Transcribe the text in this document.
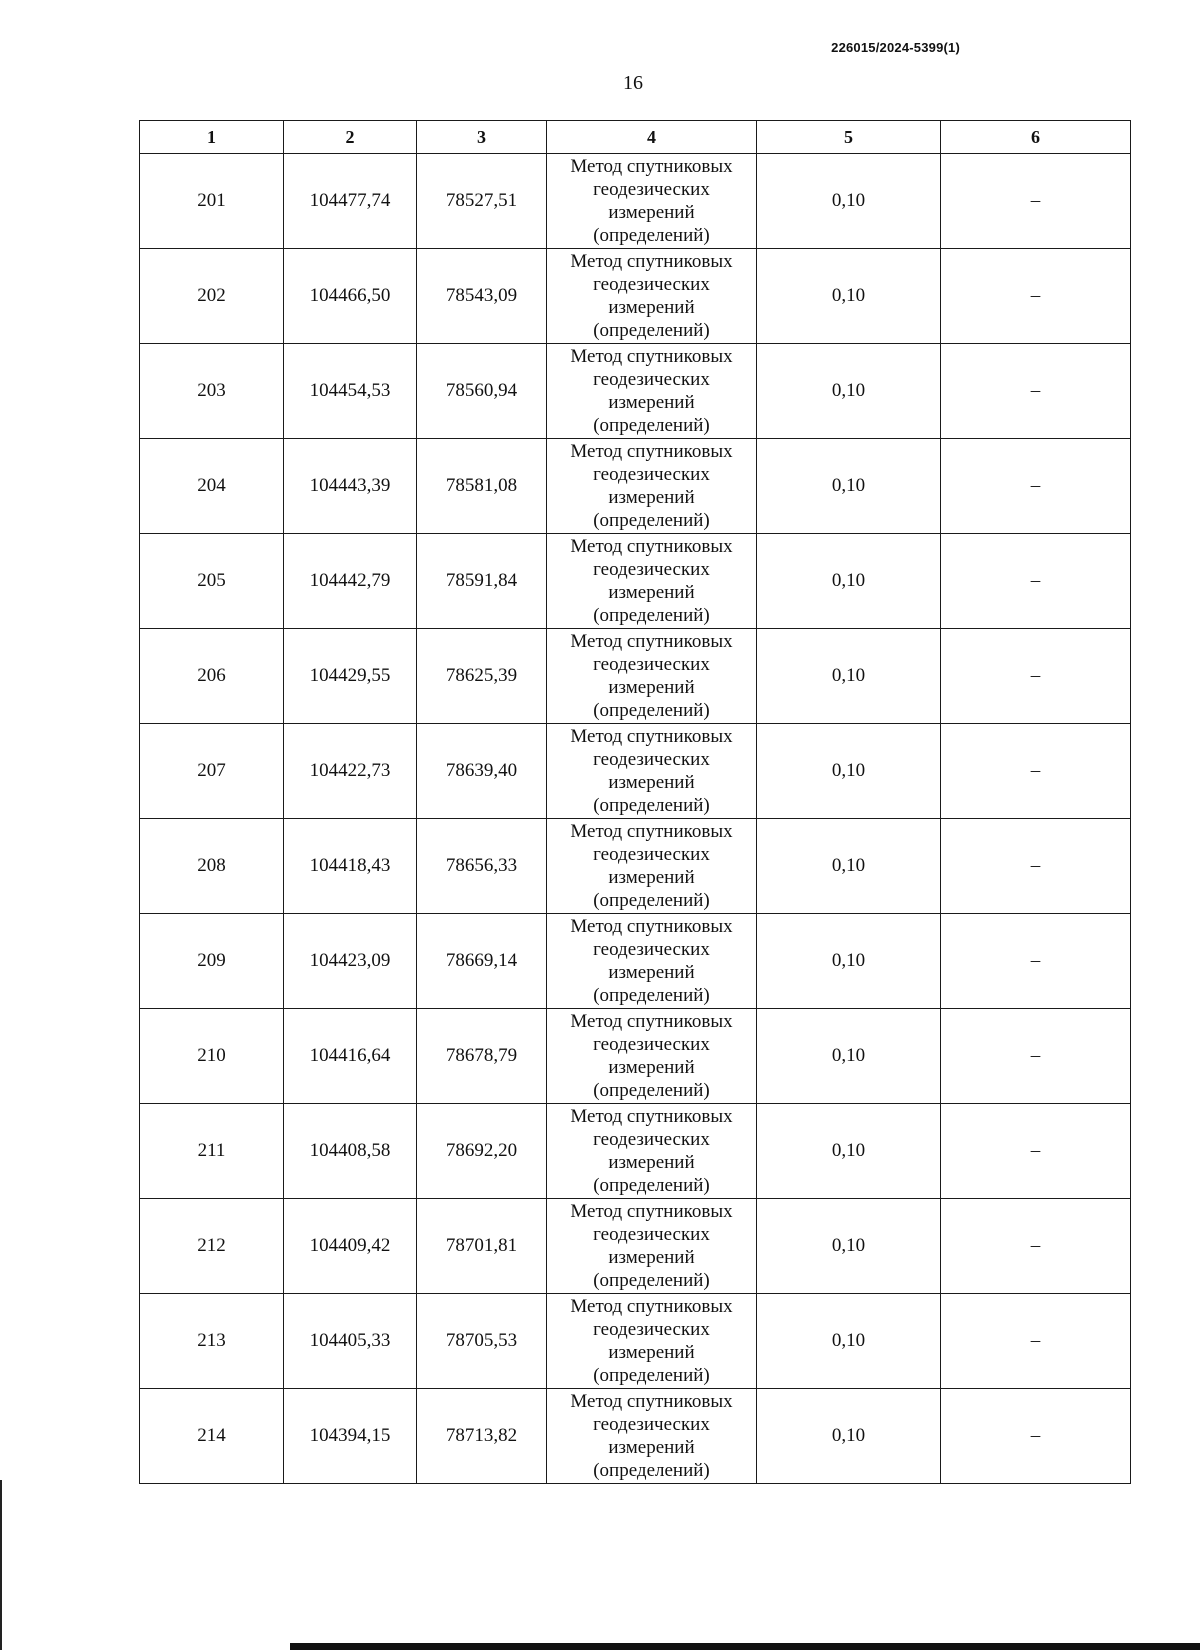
226015/2024-5399(1)
16
1	2	3	4	5	6
201	104477,74	78527,51	Метод спутниковых
геодезических
измерений
(определений)	0,10	–
202	104466,50	78543,09	Метод спутниковых
геодезических
измерений
(определений)	0,10	–
203	104454,53	78560,94	Метод спутниковых
геодезических
измерений
(определений)	0,10	–
204	104443,39	78581,08	Метод спутниковых
геодезических
измерений
(определений)	0,10	–
205	104442,79	78591,84	Метод спутниковых
геодезических
измерений
(определений)	0,10	–
206	104429,55	78625,39	Метод спутниковых
геодезических
измерений
(определений)	0,10	–
207	104422,73	78639,40	Метод спутниковых
геодезических
измерений
(определений)	0,10	–
208	104418,43	78656,33	Метод спутниковых
геодезических
измерений
(определений)	0,10	–
209	104423,09	78669,14	Метод спутниковых
геодезических
измерений
(определений)	0,10	–
210	104416,64	78678,79	Метод спутниковых
геодезических
измерений
(определений)	0,10	–
211	104408,58	78692,20	Метод спутниковых
геодезических
измерений
(определений)	0,10	–
212	104409,42	78701,81	Метод спутниковых
геодезических
измерений
(определений)	0,10	–
213	104405,33	78705,53	Метод спутниковых
геодезических
измерений
(определений)	0,10	–
214	104394,15	78713,82	Метод спутниковых
геодезических
измерений
(определений)	0,10	–
